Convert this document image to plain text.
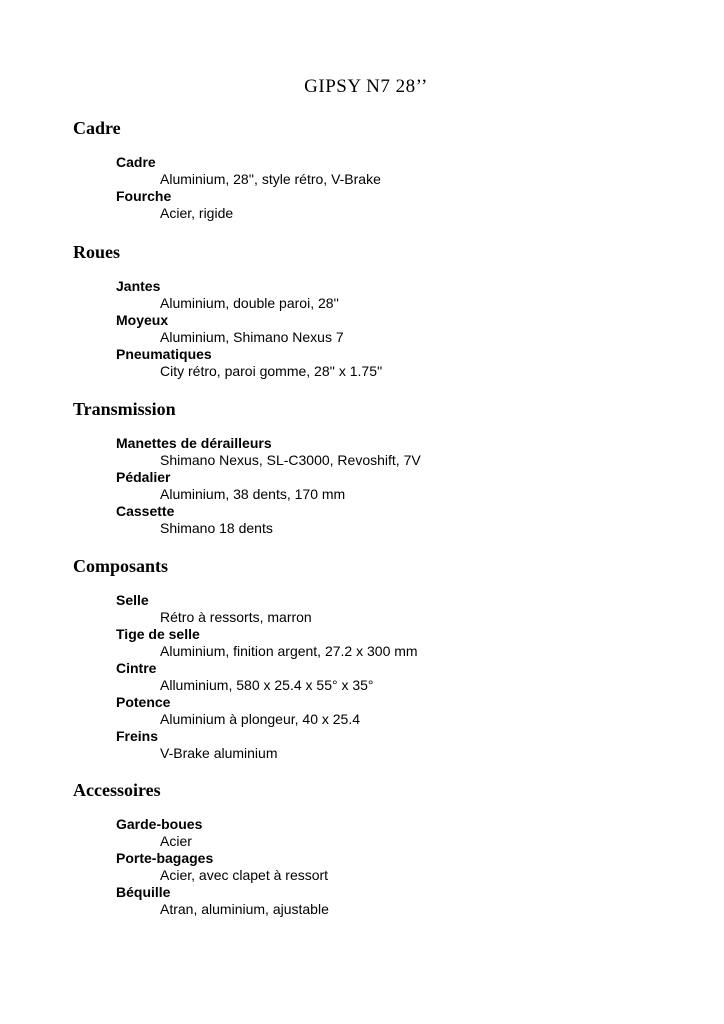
GIPSY N7 28’’
Cadre
Cadre
Aluminium, 28'', style rétro, V-Brake
Fourche
Acier, rigide
Roues
Jantes
Aluminium, double paroi, 28''
Moyeux
Aluminium, Shimano Nexus 7
Pneumatiques
City rétro, paroi gomme, 28'' x 1.75''
Transmission
Manettes de dérailleurs
Shimano Nexus, SL-C3000, Revoshift, 7V
Pédalier
Aluminium, 38 dents, 170 mm
Cassette
Shimano 18 dents
Composants
Selle
Rétro à ressorts, marron
Tige de selle
Aluminium, finition argent, 27.2 x 300 mm
Cintre
Alluminium, 580 x 25.4 x 55° x 35°
Potence
Aluminium à plongeur, 40 x 25.4
Freins
V-Brake aluminium
Accessoires
Garde-boues
Acier
Porte-bagages
Acier, avec clapet à ressort
Béquille
Atran, aluminium, ajustable
